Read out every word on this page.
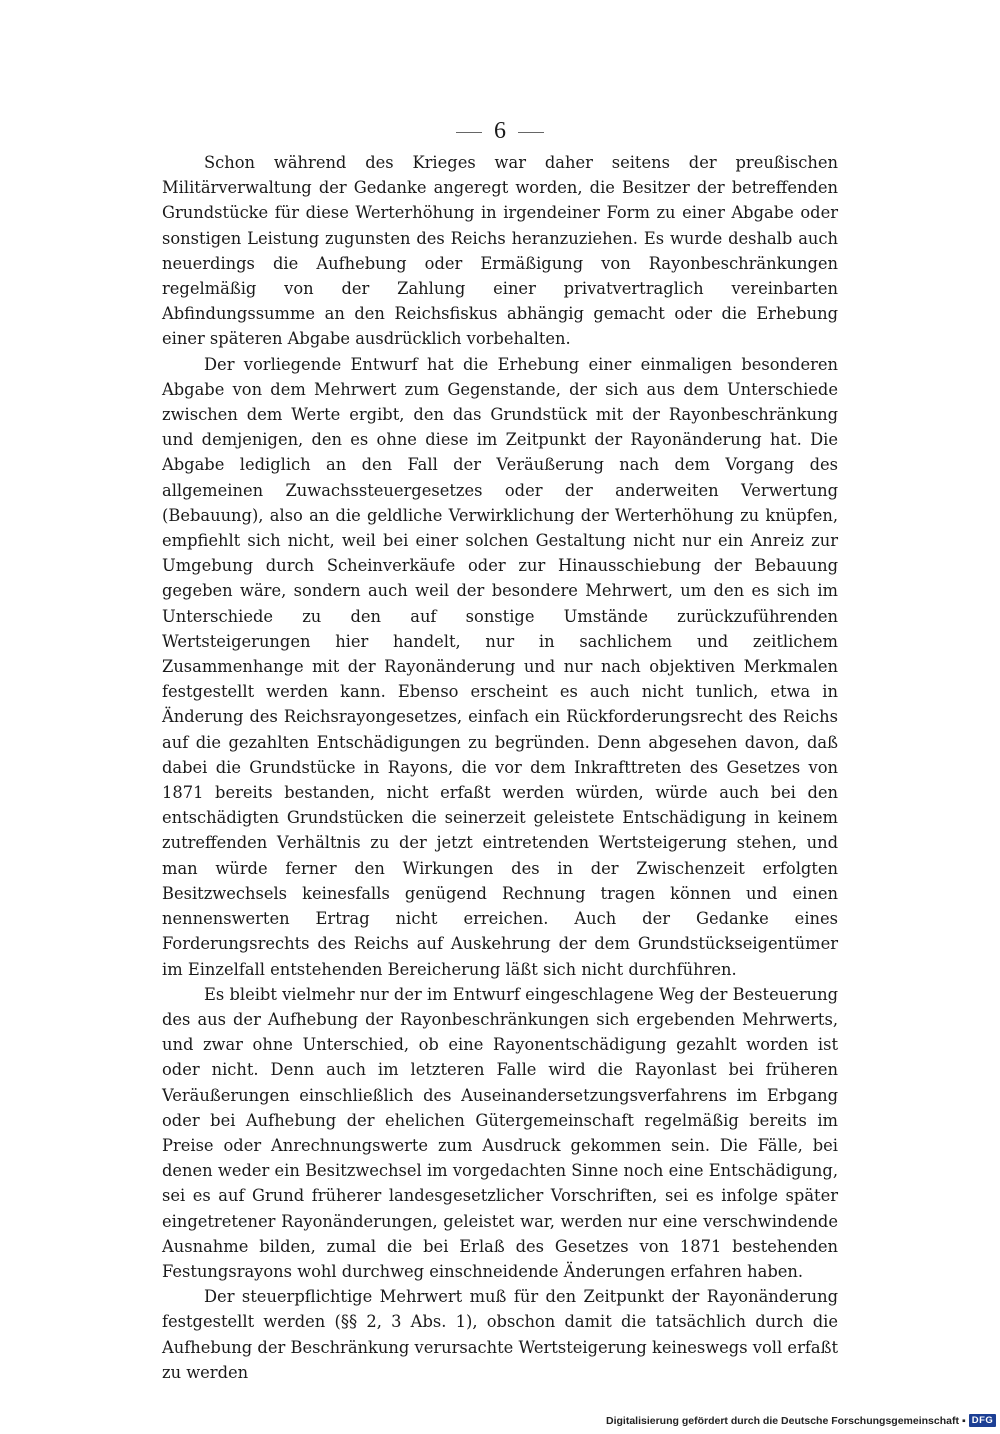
6

Schon während des Krieges war daher seitens der preußischen Militärverwaltung der Gedanke angeregt worden, die Besitzer der betreffenden Grundstücke für diese Werterhöhung in irgendeiner Form zu einer Abgabe oder sonstigen Leistung zugunsten des Reichs heranzuziehen. Es wurde deshalb auch neuerdings die Aufhebung oder Ermäßigung von Rayonbeschränkungen regelmäßig von der Zahlung einer privatvertraglich vereinbarten Abfindungssumme an den Reichsfiskus abhängig gemacht oder die Erhebung einer späteren Abgabe ausdrücklich vorbehalten.

Der vorliegende Entwurf hat die Erhebung einer einmaligen besonderen Abgabe von dem Mehrwert zum Gegenstande, der sich aus dem Unterschiede zwischen dem Werte ergibt, den das Grundstück mit der Rayonbeschränkung und demjenigen, den es ohne diese im Zeitpunkt der Rayonänderung hat. Die Abgabe lediglich an den Fall der Veräußerung nach dem Vorgang des allgemeinen Zuwachssteuergesetzes oder der anderweiten Verwertung (Bebauung), also an die geldliche Verwirklichung der Werterhöhung zu knüpfen, empfiehlt sich nicht, weil bei einer solchen Gestaltung nicht nur ein Anreiz zur Umgebung durch Scheinverkäufe oder zur Hinausschiebung der Bebauung gegeben wäre, sondern auch weil der besondere Mehrwert, um den es sich im Unterschiede zu den auf sonstige Umstände zurückzuführenden Wertsteigerungen hier handelt, nur in sachlichem und zeitlichem Zusammenhange mit der Rayonänderung und nur nach objektiven Merkmalen festgestellt werden kann. Ebenso erscheint es auch nicht tunlich, etwa in Änderung des Reichsrayongesetzes, einfach ein Rückforderungsrecht des Reichs auf die gezahlten Entschädigungen zu begründen. Denn abgesehen davon, daß dabei die Grundstücke in Rayons, die vor dem Inkrafttreten des Gesetzes von 1871 bereits bestanden, nicht erfaßt werden würden, würde auch bei den entschädigten Grundstücken die seinerzeit geleistete Entschädigung in keinem zutreffenden Verhältnis zu der jetzt eintretenden Wertsteigerung stehen, und man würde ferner den Wirkungen des in der Zwischenzeit erfolgten Besitzwechsels keinesfalls genügend Rechnung tragen können und einen nennenswerten Ertrag nicht erreichen. Auch der Gedanke eines Forderungsrechts des Reichs auf Auskehrung der dem Grundstückseigentümer im Einzelfall entstehenden Bereicherung läßt sich nicht durchführen.

Es bleibt vielmehr nur der im Entwurf eingeschlagene Weg der Besteuerung des aus der Aufhebung der Rayonbeschränkungen sich ergebenden Mehrwerts, und zwar ohne Unterschied, ob eine Rayonentschädigung gezahlt worden ist oder nicht. Denn auch im letzteren Falle wird die Rayonlast bei früheren Veräußerungen einschließlich des Auseinandersetzungsverfahrens im Erbgang oder bei Aufhebung der ehelichen Gütergemeinschaft regelmäßig bereits im Preise oder Anrechnungswerte zum Ausdruck gekommen sein. Die Fälle, bei denen weder ein Besitzwechsel im vorgedachten Sinne noch eine Entschädigung, sei es auf Grund früherer landesgesetzlicher Vorschriften, sei es infolge später eingetretener Rayonänderungen, geleistet war, werden nur eine verschwindende Ausnahme bilden, zumal die bei Erlaß des Gesetzes von 1871 bestehenden Festungsrayons wohl durchweg einschneidende Änderungen erfahren haben.

Der steuerpflichtige Mehrwert muß für den Zeitpunkt der Rayonänderung festgestellt werden (§§ 2, 3 Abs. 1), obschon damit die tatsächlich durch die Aufhebung der Beschränkung verursachte Wertsteigerung keineswegs voll erfaßt zu werden

Digitalisierung gefördert durch die Deutsche Forschungsgemeinschaft ▪ DFG
